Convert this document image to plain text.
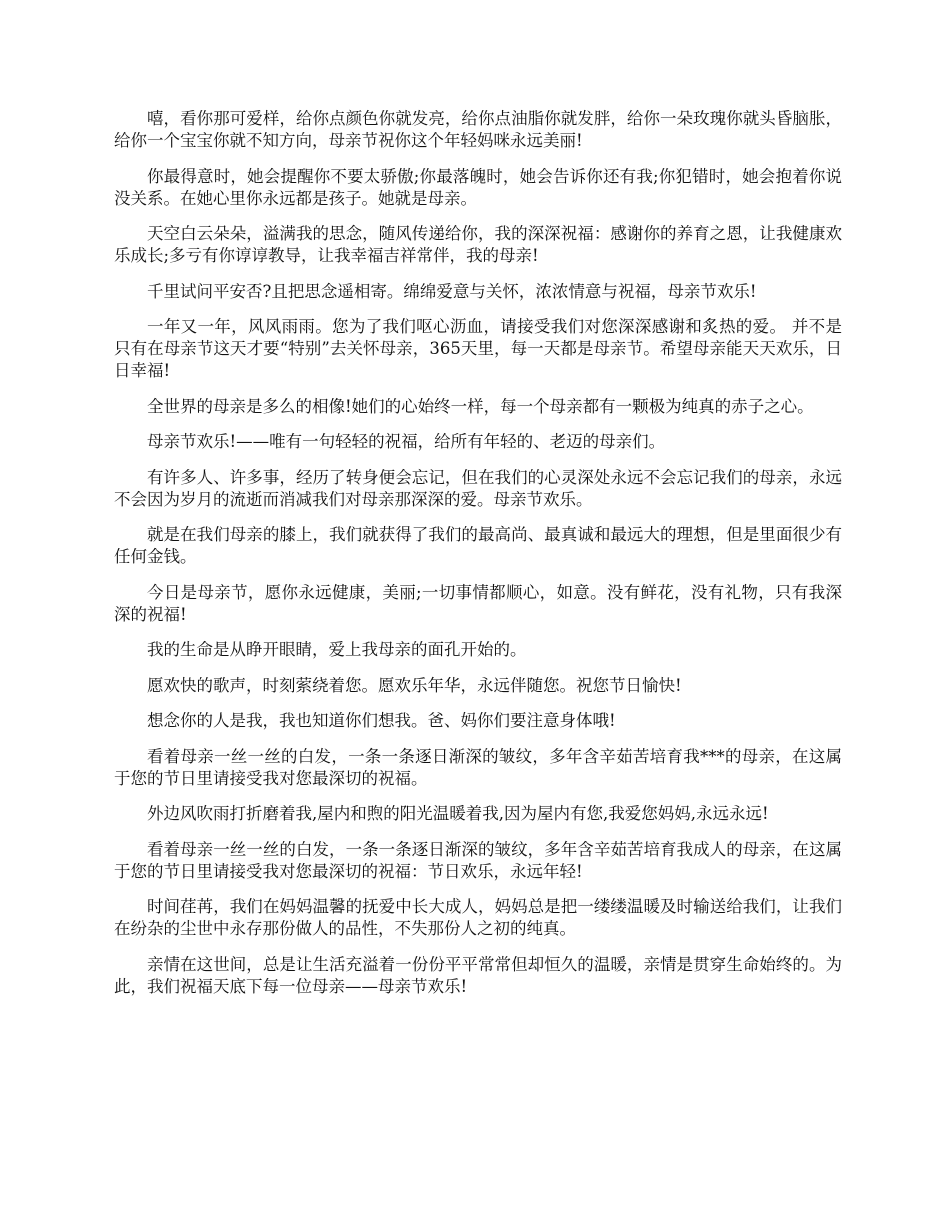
嘻，看你那可爱样，给你点颜色你就发亮，给你点油脂你就发胖，给你一朵玫瑰你就头昏脑胀，给你一个宝宝你就不知方向，母亲节祝你这个年轻妈咪永远美丽!

你最得意时，她会提醒你不要太骄傲;你最落魄时，她会告诉你还有我;你犯错时，她会抱着你说没关系。在她心里你永远都是孩子。她就是母亲。

天空白云朵朵，溢满我的思念，随风传递给你，我的深深祝福：感谢你的养育之恩，让我健康欢乐成长;多亏有你谆谆教导，让我幸福吉祥常伴，我的母亲!

千里试问平安否?且把思念遥相寄。绵绵爱意与关怀，浓浓情意与祝福，母亲节欢乐!

一年又一年，风风雨雨。您为了我们呕心沥血，请接受我们对您深深感谢和炙热的爱。 并不是只有在母亲节这天才要“特别”去关怀母亲，365天里，每一天都是母亲节。希望母亲能天天欢乐，日日幸福!

全世界的母亲是多么的相像!她们的心始终一样，每一个母亲都有一颗极为纯真的赤子之心。

母亲节欢乐!——唯有一句轻轻的祝福，给所有年轻的、老迈的母亲们。

有许多人、许多事，经历了转身便会忘记，但在我们的心灵深处永远不会忘记我们的母亲，永远不会因为岁月的流逝而消减我们对母亲那深深的爱。母亲节欢乐。

就是在我们母亲的膝上，我们就获得了我们的最高尚、最真诚和最远大的理想，但是里面很少有任何金钱。

今日是母亲节，愿你永远健康，美丽;一切事情都顺心，如意。没有鲜花，没有礼物，只有我深深的祝福!

我的生命是从睁开眼睛，爱上我母亲的面孔开始的。

愿欢快的歌声，时刻萦绕着您。愿欢乐年华，永远伴随您。祝您节日愉快!

想念你的人是我，我也知道你们想我。爸、妈你们要注意身体哦!

看着母亲一丝一丝的白发，一条一条逐日渐深的皱纹，多年含辛茹苦培育我***的母亲，在这属于您的节日里请接受我对您最深切的祝福。

外边风吹雨打折磨着我,屋内和煦的阳光温暖着我,因为屋内有您,我爱您妈妈,永远永远!

看着母亲一丝一丝的白发，一条一条逐日渐深的皱纹，多年含辛茹苦培育我成人的母亲，在这属于您的节日里请接受我对您最深切的祝福：节日欢乐，永远年轻!

时间荏苒，我们在妈妈温馨的抚爱中长大成人，妈妈总是把一缕缕温暖及时输送给我们，让我们在纷杂的尘世中永存那份做人的品性，不失那份人之初的纯真。

亲情在这世间，总是让生活充溢着一份份平平常常但却恒久的温暖，亲情是贯穿生命始终的。为此，我们祝福天底下每一位母亲——母亲节欢乐!
